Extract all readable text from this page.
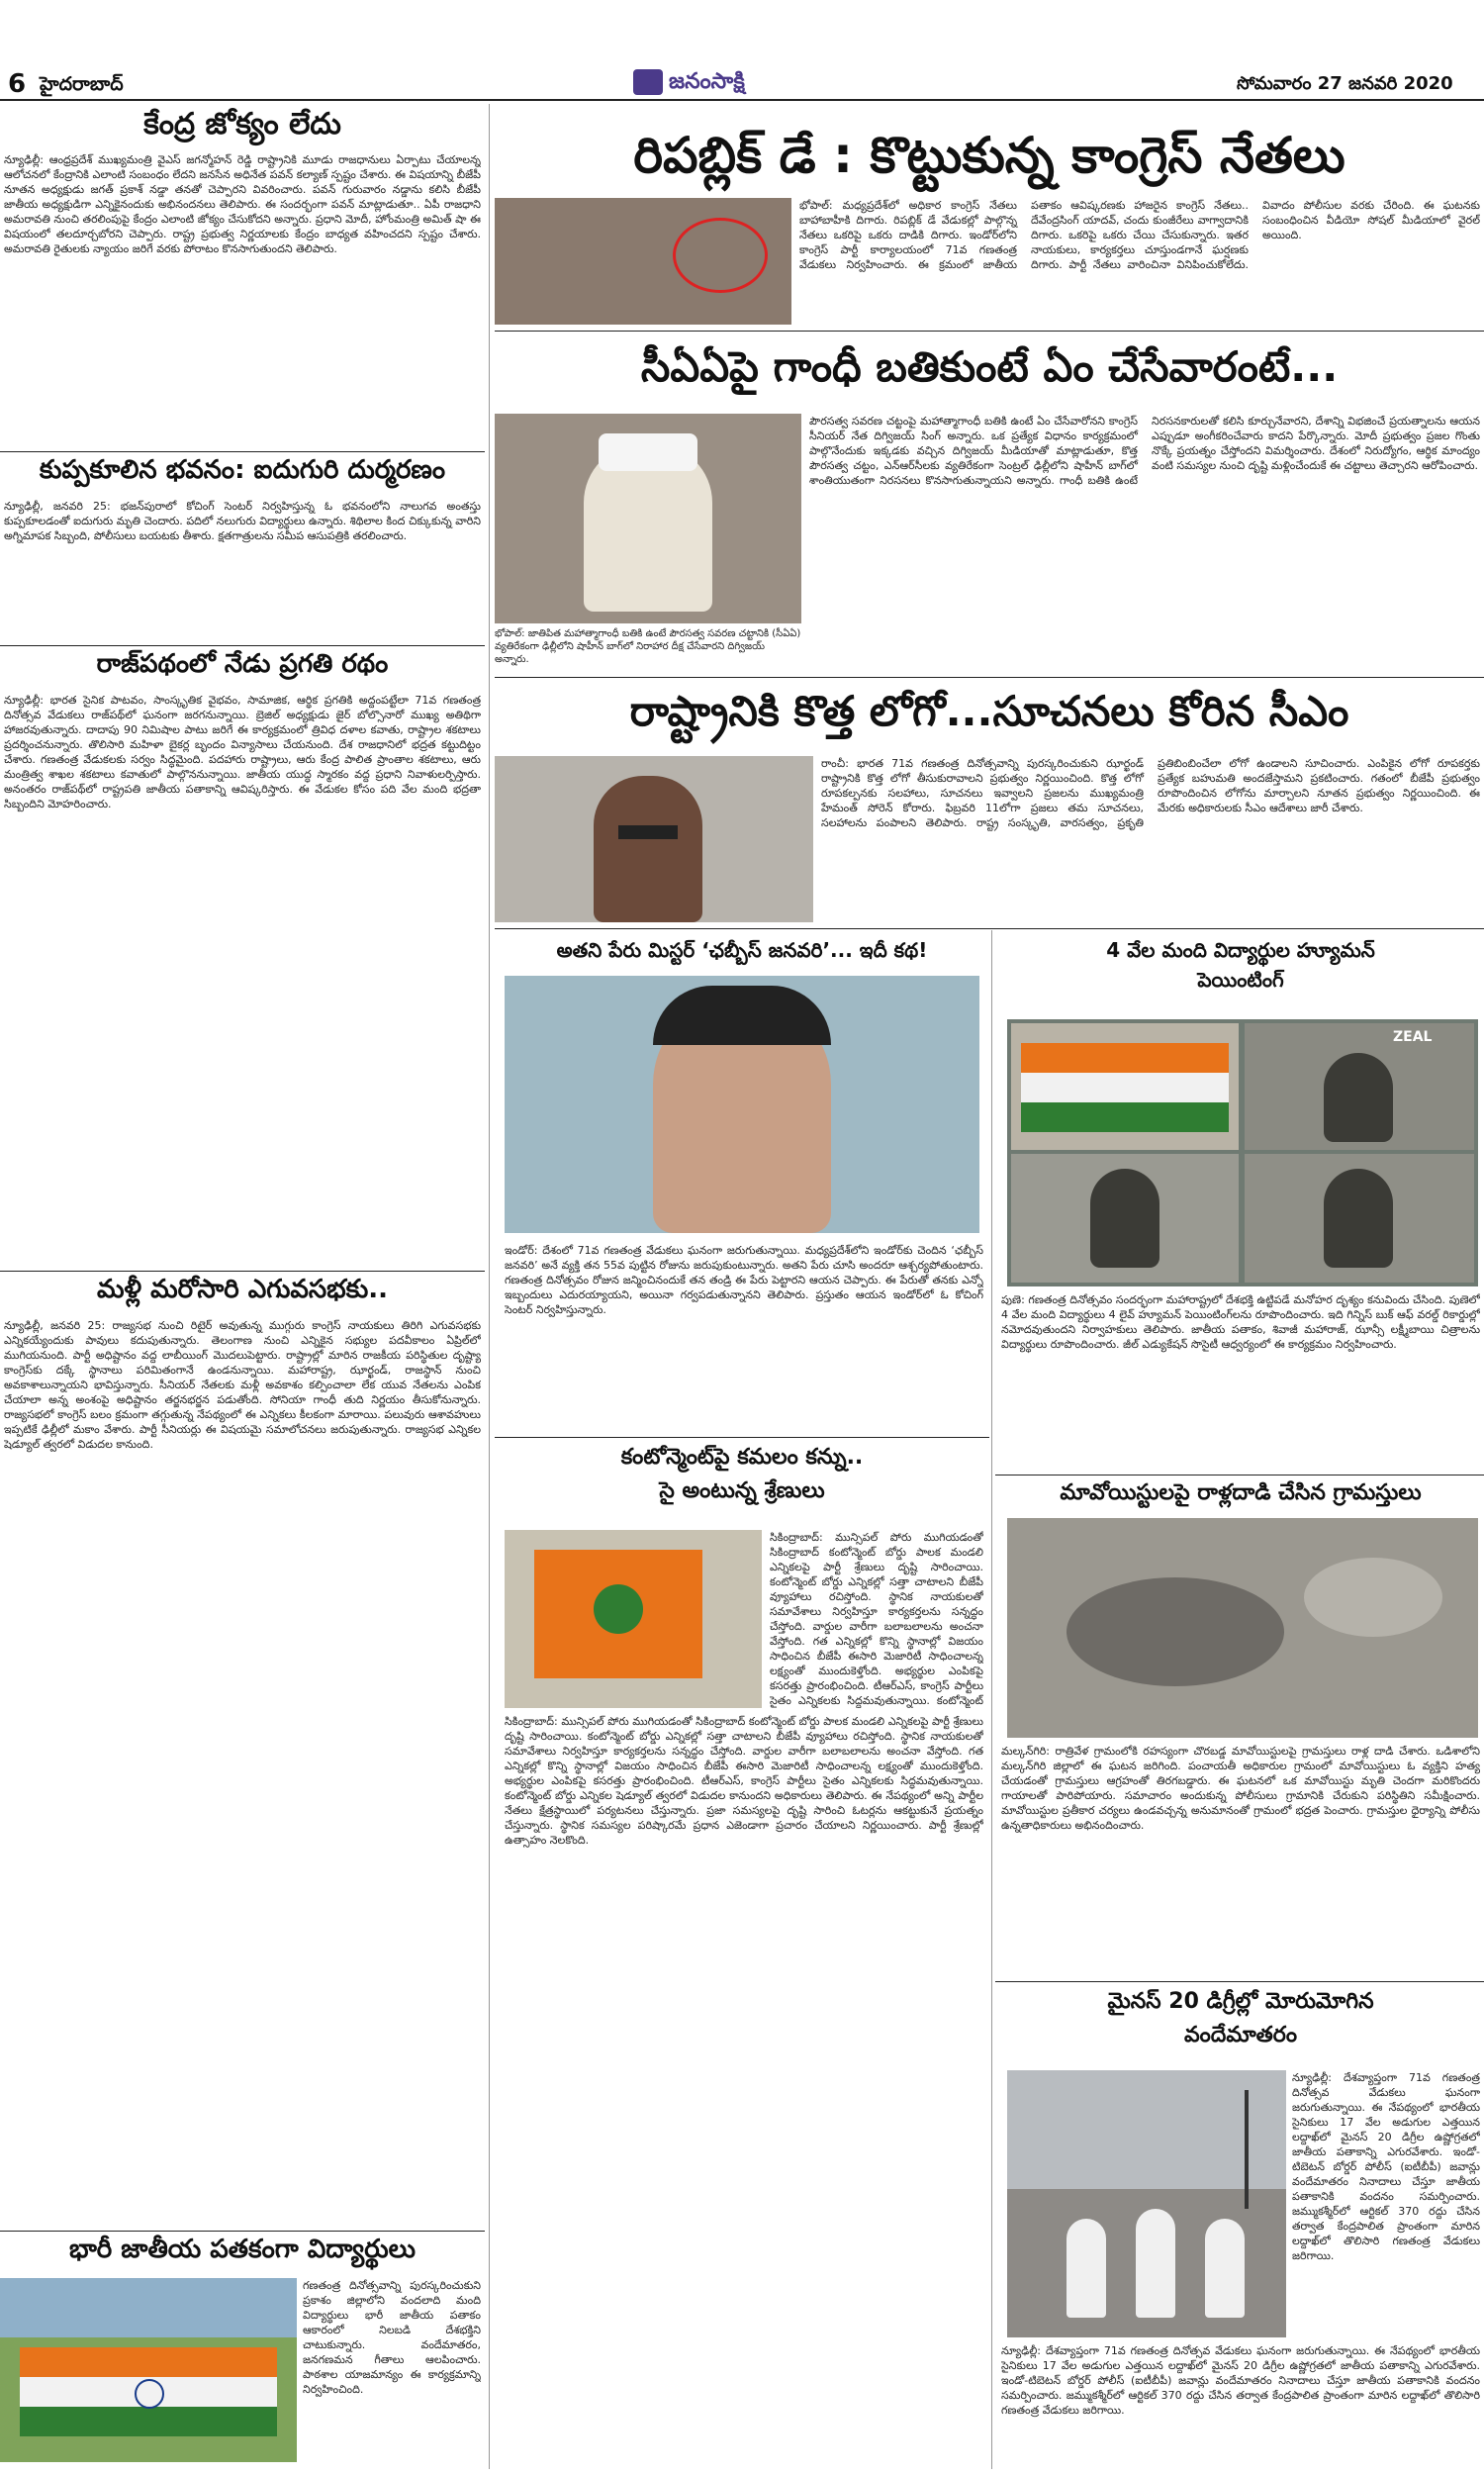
6 హైదరాబాద్	జనంసాక్షి	సోమవారం 27 జనవరి 2020
కేంద్ర జోక్యం లేదు
న్యూఢిల్లీ: ఆంధ్రప్రదేశ్ ముఖ్యమంత్రి వైఎస్ జగన్మోహన్ రెడ్డి రాష్ట్రానికి మూడు రాజధానులు ఏర్పాటు చేయాలన్న ఆలోచనలో కేంద్రానికి ఎలాంటి సంబంధం లేదని జనసేన అధినేత పవన్ కల్యాణ్ స్పష్టం చేశారు. ఈ విషయాన్ని బీజేపీ నూతన అధ్యక్షుడు జగత్ ప్రకాశ్ నడ్డా తనతో చెప్పారని వివరించారు. పవన్ గురువారం నడ్డాను కలిసి బీజేపీ జాతీయ అధ్యక్షుడిగా ఎన్నికైనందుకు అభినందనలు తెలిపారు. ఈ సందర్భంగా పవన్ మాట్లాడుతూ.. ఏపీ రాజధాని అమరావతి నుంచి తరలింపుపై కేంద్రం ఎలాంటి జోక్యం చేసుకోదని అన్నారు. ప్రధాని మోదీ, హోంమంత్రి అమిత్ షా ఈ విషయంలో తలదూర్చబోరని చెప్పారు. రాష్ట్ర ప్రభుత్వ నిర్ణయాలకు కేంద్రం బాధ్యత వహించదని స్పష్టం చేశారు. అమరావతి రైతులకు న్యాయం జరిగే వరకు పోరాటం కొనసాగుతుందని తెలిపారు.
కుప్పకూలిన భవనం: ఐదుగురి దుర్మరణం
న్యూఢిల్లీ, జనవరి 25: భజన్‌పురాలో కోచింగ్ సెంటర్ నిర్వహిస్తున్న ఓ భవనంలోని నాలుగవ అంతస్తు కుప్పకూలడంతో ఐదుగురు మృతి చెందారు. పదిలో నలుగురు విద్యార్థులు ఉన్నారు. శిథిలాల కింద చిక్కుకున్న వారిని అగ్నిమాపక సిబ్బంది, పోలీసులు బయటకు తీశారు. క్షతగాత్రులను సమీప ఆసుపత్రికి తరలించారు.
రాజ్‌పథంలో నేడు ప్రగతి రథం
న్యూఢిల్లీ: భారత సైనిక పాటవం, సాంస్కృతిక వైభవం, సామాజిక, ఆర్థిక ప్రగతికి అద్దంపట్టేలా 71వ గణతంత్ర దినోత్సవ వేడుకలు రాజ్‌పథ్‌లో ఘనంగా జరగనున్నాయి. బ్రెజిల్ అధ్యక్షుడు జైర్ బోల్సొనారో ముఖ్య అతిథిగా హాజరవుతున్నారు. దాదాపు 90 నిమిషాల పాటు జరిగే ఈ కార్యక్రమంలో త్రివిధ దళాల కవాతు, రాష్ట్రాల శకటాలు ప్రదర్శించనున్నారు. తొలిసారి మహిళా బైకర్ల బృందం విన్యాసాలు చేయనుంది. దేశ రాజధానిలో భద్రత కట్టుదిట్టం చేశారు. గణతంత్ర వేడుకలకు సర్వం సిద్ధమైంది. పదహారు రాష్ట్రాలు, ఆరు కేంద్ర పాలిత ప్రాంతాల శకటాలు, ఆరు మంత్రిత్వ శాఖల శకటాలు కవాతులో పాల్గొననున్నాయి. జాతీయ యుద్ధ స్మారకం వద్ద ప్రధాని నివాళులర్పిస్తారు. అనంతరం రాజ్‌పథ్‌లో రాష్ట్రపతి జాతీయ పతాకాన్ని ఆవిష్కరిస్తారు. ఈ వేడుకల కోసం పది వేల మంది భద్రతా సిబ్బందిని మోహరించారు.
మళ్లీ మరోసారి ఎగువసభకు..
న్యూఢిల్లీ, జనవరి 25: రాజ్యసభ నుంచి రిటైర్ అవుతున్న ముగ్గురు కాంగ్రెస్ నాయకులు తిరిగి ఎగువసభకు ఎన్నికయ్యేందుకు పావులు కదుపుతున్నారు. తెలంగాణ నుంచి ఎన్నికైన సభ్యుల పదవీకాలం ఏప్రిల్‌లో ముగియనుంది. పార్టీ అధిష్టానం వద్ద లాబీయింగ్ మొదలుపెట్టారు. రాష్ట్రాల్లో మారిన రాజకీయ పరిస్థితుల దృష్ట్యా కాంగ్రెస్‌కు దక్కే స్థానాలు పరిమితంగానే ఉండనున్నాయి. మహారాష్ట్ర, ఝార్ఖండ్, రాజస్థాన్ నుంచి అవకాశాలున్నాయని భావిస్తున్నారు. సీనియర్ నేతలకు మళ్లీ అవకాశం కల్పించాలా లేక యువ నేతలను ఎంపిక చేయాలా అన్న అంశంపై అధిష్టానం తర్జనభర్జన పడుతోంది. సోనియా గాంధీ తుది నిర్ణయం తీసుకోనున్నారు. రాజ్యసభలో కాంగ్రెస్ బలం క్రమంగా తగ్గుతున్న నేపథ్యంలో ఈ ఎన్నికలు కీలకంగా మారాయి. పలువురు ఆశావహులు ఇప్పటికే ఢిల్లీలో మకాం వేశారు. పార్టీ సీనియర్లు ఈ విషయమై సమాలోచనలు జరుపుతున్నారు. రాజ్యసభ ఎన్నికల షెడ్యూల్ త్వరలో విడుదల కానుంది.
భారీ జాతీయ పతకంగా విద్యార్థులు
గణతంత్ర దినోత్సవాన్ని పురస్కరించుకుని ప్రకాశం జిల్లాలోని వందలాది మంది విద్యార్థులు భారీ జాతీయ పతాకం ఆకారంలో నిలబడి దేశభక్తిని చాటుకున్నారు. వందేమాతరం, జనగణమన గీతాలు ఆలపించారు. పాఠశాల యాజమాన్యం ఈ కార్యక్రమాన్ని నిర్వహించింది.
రిపబ్లిక్ డే : కొట్టుకున్న కాంగ్రెస్ నేతలు
భోపాల్: మధ్యప్రదేశ్‌లో అధికార కాంగ్రెస్ నేతలు బాహాబాహీకి దిగారు. రిపబ్లిక్ డే వేడుకల్లో పాల్గొన్న నేతలు ఒకరిపై ఒకరు దాడికి దిగారు. ఇండోర్‌లోని కాంగ్రెస్ పార్టీ కార్యాలయంలో 71వ గణతంత్ర వేడుకలు నిర్వహించారు. ఈ క్రమంలో జాతీయ పతాకం ఆవిష్కరణకు హాజరైన కాంగ్రెస్ నేతలు.. దేవేంద్రసింగ్ యాదవ్, చందు కుంజీరేలు వాగ్వాదానికి దిగారు. ఒకరిపై ఒకరు చేయి చేసుకున్నారు. ఇతర నాయకులు, కార్యకర్తలు చూస్తుండగానే ఘర్షణకు దిగారు. పార్టీ నేతలు వారించినా వినిపించుకోలేదు. వివాదం పోలీసుల వరకు చేరింది. ఈ ఘటనకు సంబంధించిన వీడియో సోషల్ మీడియాలో వైరల్ అయింది.
సీఏఏపై గాంధీ బతికుంటే ఏం చేసేవారంటే...
భోపాల్: జాతిపిత మహాత్మాగాంధీ బతికి ఉంటే పౌరసత్వ సవరణ చట్టానికి (సీఏఏ) వ్యతిరేకంగా ఢిల్లీలోని షాహీన్ బాగ్‌లో నిరాహార దీక్ష చేసేవారని దిగ్విజయ్ అన్నారు.
పౌరసత్వ సవరణ చట్టంపై మహాత్మాగాంధీ బతికి ఉంటే ఏం చేసేవారోనని కాంగ్రెస్ సీనియర్ నేత దిగ్విజయ్ సింగ్ అన్నారు. ఒక ప్రత్యేక విధానం కార్యక్రమంలో పాల్గొనేందుకు ఇక్కడకు వచ్చిన దిగ్విజయ్ మీడియాతో మాట్లాడుతూ, కొత్త పౌరసత్వ చట్టం, ఎన్‌ఆర్‌సీలకు వ్యతిరేకంగా సెంట్రల్ ఢిల్లీలోని షాహీన్ బాగ్‌లో శాంతియుతంగా నిరసనలు కొనసాగుతున్నాయని అన్నారు. గాంధీ బతికి ఉంటే నిరసనకారులతో కలిసి కూర్చునేవారని, దేశాన్ని విభజించే ప్రయత్నాలను ఆయన ఎప్పుడూ అంగీకరించేవారు కాదని పేర్కొన్నారు. మోదీ ప్రభుత్వం ప్రజల గొంతు నొక్కే ప్రయత్నం చేస్తోందని విమర్శించారు. దేశంలో నిరుద్యోగం, ఆర్థిక మాంద్యం వంటి సమస్యల నుంచి దృష్టి మళ్లించేందుకే ఈ చట్టాలు తెచ్చారని ఆరోపించారు.
రాష్ట్రానికి కొత్త లోగో...సూచనలు కోరిన సీఎం
రాంచీ: భారత 71వ గణతంత్ర దినోత్సవాన్ని పురస్కరించుకుని ఝార్ఖండ్ రాష్ట్రానికి కొత్త లోగో తీసుకురావాలని ప్రభుత్వం నిర్ణయించింది. కొత్త లోగో రూపకల్పనకు సలహాలు, సూచనలు ఇవ్వాలని ప్రజలను ముఖ్యమంత్రి హేమంత్ సోరెన్ కోరారు. ఫిబ్రవరి 11లోగా ప్రజలు తమ సూచనలు, సలహాలను పంపాలని తెలిపారు. రాష్ట్ర సంస్కృతి, వారసత్వం, ప్రకృతి ప్రతిబింబించేలా లోగో ఉండాలని సూచించారు. ఎంపికైన లోగో రూపకర్తకు ప్రత్యేక బహుమతి అందజేస్తామని ప్రకటించారు. గతంలో బీజేపీ ప్రభుత్వం రూపొందించిన లోగోను మార్చాలని నూతన ప్రభుత్వం నిర్ణయించింది. ఈ మేరకు అధికారులకు సీఎం ఆదేశాలు జారీ చేశారు.
అతని పేరు మిస్టర్ ‘ఛబ్బీస్ జనవరి’... ఇదీ కథ!
ఇండోర్: దేశంలో 71వ గణతంత్ర వేడుకలు ఘనంగా జరుగుతున్నాయి. మధ్యప్రదేశ్‌లోని ఇండోర్‌కు చెందిన ‘ఛబ్బీస్ జనవరి’ అనే వ్యక్తి తన 55వ పుట్టిన రోజును జరుపుకుంటున్నారు. అతని పేరు చూసి అందరూ ఆశ్చర్యపోతుంటారు. గణతంత్ర దినోత్సవం రోజున జన్మించినందుకే తన తండ్రి ఈ పేరు పెట్టారని ఆయన చెప్పారు. ఈ పేరుతో తనకు ఎన్నో ఇబ్బందులు ఎదురయ్యాయని, అయినా గర్వపడుతున్నానని తెలిపారు. ప్రస్తుతం ఆయన ఇండోర్‌లో ఓ కోచింగ్ సెంటర్ నిర్వహిస్తున్నారు.
కంటోన్మెంట్‌పై కమలం కన్ను..
సై అంటున్న శ్రేణులు
సికింద్రాబాద్: మున్సిపల్ పోరు ముగియడంతో సికింద్రాబాద్ కంటోన్మెంట్ బోర్డు పాలక మండలి ఎన్నికలపై పార్టీ శ్రేణులు దృష్టి సారించాయి. కంటోన్మెంట్ బోర్డు ఎన్నికల్లో సత్తా చాటాలని బీజేపీ వ్యూహాలు రచిస్తోంది. స్థానిక నాయకులతో సమావేశాలు నిర్వహిస్తూ కార్యకర్తలను సన్నద్ధం చేస్తోంది. వార్డుల వారీగా బలాబలాలను అంచనా వేస్తోంది. గత ఎన్నికల్లో కొన్ని స్థానాల్లో విజయం సాధించిన బీజేపీ ఈసారి మెజారిటీ సాధించాలన్న లక్ష్యంతో ముందుకెళ్తోంది. అభ్యర్థుల ఎంపికపై కసరత్తు ప్రారంభించింది. టీఆర్ఎస్, కాంగ్రెస్ పార్టీలు సైతం ఎన్నికలకు సిద్ధమవుతున్నాయి. కంటోన్మెంట్
సికింద్రాబాద్: మున్సిపల్ పోరు ముగియడంతో సికింద్రాబాద్ కంటోన్మెంట్ బోర్డు పాలక మండలి ఎన్నికలపై పార్టీ శ్రేణులు దృష్టి సారించాయి. కంటోన్మెంట్ బోర్డు ఎన్నికల్లో సత్తా చాటాలని బీజేపీ వ్యూహాలు రచిస్తోంది. స్థానిక నాయకులతో సమావేశాలు నిర్వహిస్తూ కార్యకర్తలను సన్నద్ధం చేస్తోంది. వార్డుల వారీగా బలాబలాలను అంచనా వేస్తోంది. గత ఎన్నికల్లో కొన్ని స్థానాల్లో విజయం సాధించిన బీజేపీ ఈసారి మెజారిటీ సాధించాలన్న లక్ష్యంతో ముందుకెళ్తోంది. అభ్యర్థుల ఎంపికపై కసరత్తు ప్రారంభించింది. టీఆర్ఎస్, కాంగ్రెస్ పార్టీలు సైతం ఎన్నికలకు సిద్ధమవుతున్నాయి. కంటోన్మెంట్ బోర్డు ఎన్నికల షెడ్యూల్ త్వరలో విడుదల కానుందని అధికారులు తెలిపారు. ఈ నేపథ్యంలో అన్ని పార్టీల నేతలు క్షేత్రస్థాయిలో పర్యటనలు చేస్తున్నారు. ప్రజా సమస్యలపై దృష్టి సారించి ఓటర్లను ఆకట్టుకునే ప్రయత్నం చేస్తున్నారు. స్థానిక సమస్యల పరిష్కారమే ప్రధాన ఎజెండాగా ప్రచారం చేయాలని నిర్ణయించారు. పార్టీ శ్రేణుల్లో ఉత్సాహం నెలకొంది.
4 వేల మంది విద్యార్థుల హ్యూమన్
పెయింటింగ్
ZEAL
పుణె: గణతంత్ర దినోత్సవం సందర్భంగా మహారాష్ట్రలో దేశభక్తి ఉట్టిపడే మనోహర దృశ్యం కనువిందు చేసింది. పుణెలో 4 వేల మంది విద్యార్థులు 4 లైవ్ హ్యూమన్ పెయింటింగ్‌లను రూపొందించారు. ఇది గిన్నిస్ బుక్ ఆఫ్ వరల్డ్ రికార్డుల్లో నమోదవుతుందని నిర్వాహకులు తెలిపారు. జాతీయ పతాకం, శివాజీ మహారాజ్, ఝాన్సీ లక్ష్మీబాయి చిత్రాలను విద్యార్థులు రూపొందించారు. జీల్ ఎడ్యుకేషన్ సొసైటీ ఆధ్వర్యంలో ఈ కార్యక్రమం నిర్వహించారు.
మావోయిస్టులపై రాళ్లదాడి చేసిన గ్రామస్తులు
మల్కన్‌గిరి: రాత్రివేళ గ్రామంలోకి రహస్యంగా చొరబడ్డ మావోయిస్టులపై గ్రామస్తులు రాళ్ల దాడి చేశారు. ఒడిశాలోని మల్కన్‌గిరి జిల్లాలో ఈ ఘటన జరిగింది. పంచాయతీ అధికారుల గ్రామంలో మావోయిస్టులు ఓ వ్యక్తిని హత్య చేయడంతో గ్రామస్తులు ఆగ్రహంతో తిరగబడ్డారు. ఈ ఘటనలో ఒక మావోయిస్టు మృతి చెందగా మరికొందరు గాయాలతో పారిపోయారు. సమాచారం అందుకున్న పోలీసులు గ్రామానికి చేరుకుని పరిస్థితిని సమీక్షించారు. మావోయిస్టుల ప్రతీకార చర్యలు ఉండవచ్చన్న అనుమానంతో గ్రామంలో భద్రత పెంచారు. గ్రామస్తుల ధైర్యాన్ని పోలీసు ఉన్నతాధికారులు అభినందించారు.
మైనస్ 20 డిగ్రీల్లో మోరుమోగిన
వందేమాతరం
న్యూఢిల్లీ: దేశవ్యాప్తంగా 71వ గణతంత్ర దినోత్సవ వేడుకలు ఘనంగా జరుగుతున్నాయి. ఈ నేపథ్యంలో భారతీయ సైనికులు 17 వేల అడుగుల ఎత్తయిన లద్దాఖ్‌లో మైనస్ 20 డిగ్రీల ఉష్ణోగ్రతలో జాతీయ పతాకాన్ని ఎగురవేశారు. ఇండో-టిబెటన్ బోర్డర్ పోలీస్ (ఐటీబీపీ) జవాన్లు వందేమాతరం నినాదాలు చేస్తూ జాతీయ పతాకానికి వందనం సమర్పించారు. జమ్ముకశ్మీర్‌లో ఆర్టికల్ 370 రద్దు చేసిన తర్వాత కేంద్రపాలిత ప్రాంతంగా మారిన లద్దాఖ్‌లో తొలిసారి గణతంత్ర వేడుకలు జరిగాయి.
న్యూఢిల్లీ: దేశవ్యాప్తంగా 71వ గణతంత్ర దినోత్సవ వేడుకలు ఘనంగా జరుగుతున్నాయి. ఈ నేపథ్యంలో భారతీయ సైనికులు 17 వేల అడుగుల ఎత్తయిన లద్దాఖ్‌లో మైనస్ 20 డిగ్రీల ఉష్ణోగ్రతలో జాతీయ పతాకాన్ని ఎగురవేశారు. ఇండో-టిబెటన్ బోర్డర్ పోలీస్ (ఐటీబీపీ) జవాన్లు వందేమాతరం నినాదాలు చేస్తూ జాతీయ పతాకానికి వందనం సమర్పించారు. జమ్ముకశ్మీర్‌లో ఆర్టికల్ 370 రద్దు చేసిన తర్వాత కేంద్రపాలిత ప్రాంతంగా మారిన లద్దాఖ్‌లో తొలిసారి గణతంత్ర వేడుకలు జరిగాయి.
